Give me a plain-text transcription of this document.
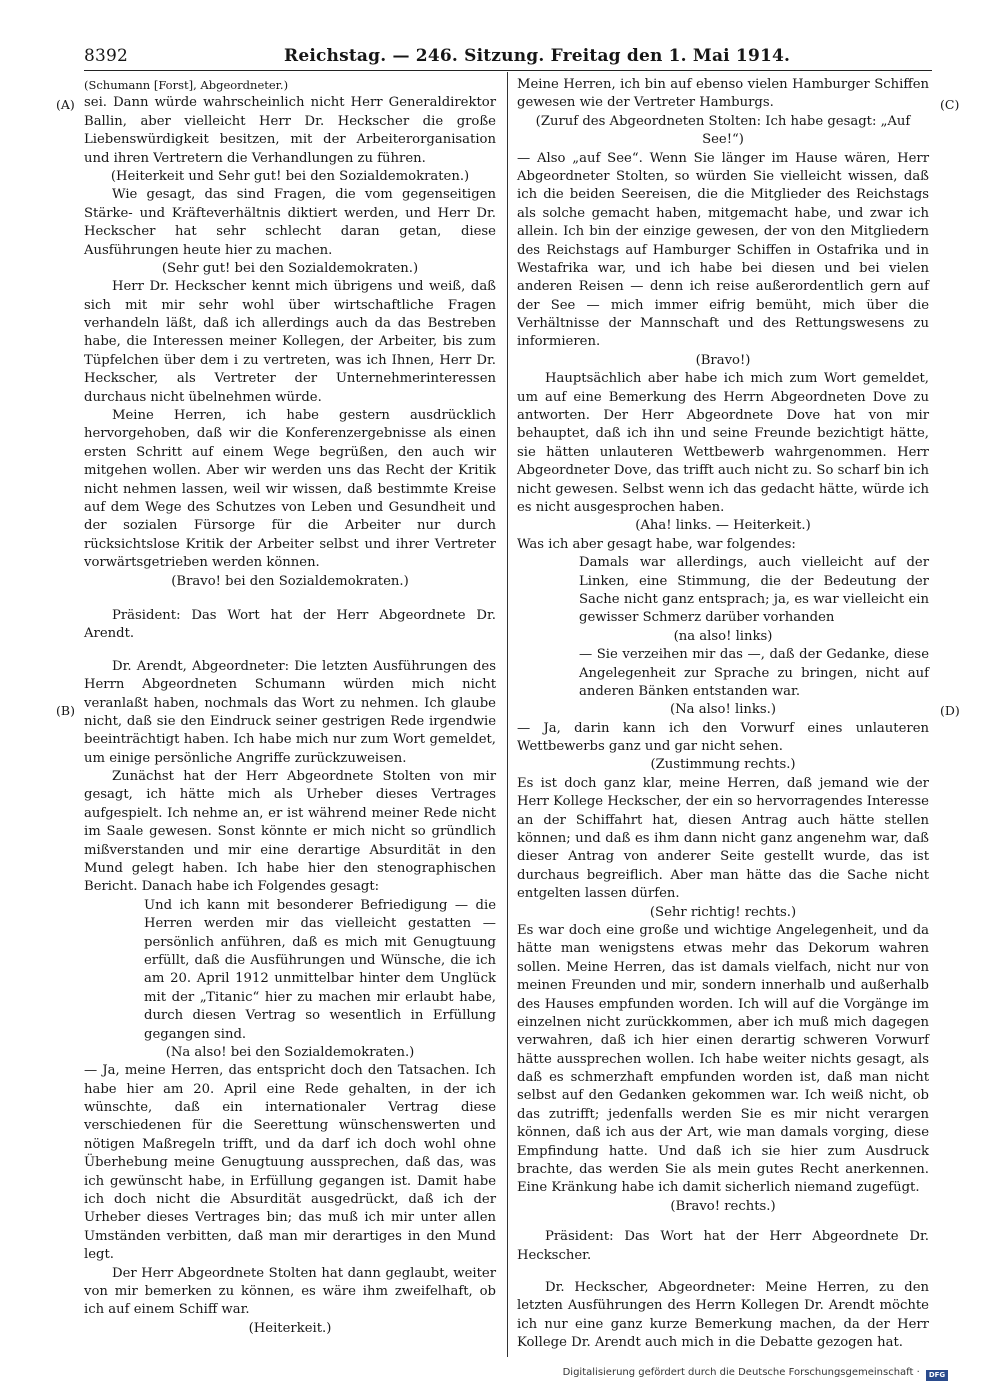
8392	Reichstag. — 246. Sitzung. Freitag den 1. Mai 1914.
(A)
(B)
(C)
(D)

(Schumann [Forst], Abgeordneter.)

sei. Dann würde wahrscheinlich nicht Herr Generaldirektor Ballin, aber vielleicht Herr Dr. Heckscher die große Liebenswürdigkeit besitzen, mit der Arbeiterorganisation und ihren Vertretern die Verhandlungen zu führen.

(Heiterkeit und Sehr gut! bei den Sozialdemokraten.)

Wie gesagt, das sind Fragen, die vom gegenseitigen Stärke- und Kräfteverhältnis diktiert werden, und Herr Dr. Heckscher hat sehr schlecht daran getan, diese Ausführungen heute hier zu machen.

(Sehr gut! bei den Sozialdemokraten.)

Herr Dr. Heckscher kennt mich übrigens und weiß, daß sich mit mir sehr wohl über wirtschaftliche Fragen verhandeln läßt, daß ich allerdings auch da das Bestreben habe, die Interessen meiner Kollegen, der Arbeiter, bis zum Tüpfelchen über dem i zu vertreten, was ich Ihnen, Herr Dr. Heckscher, als Vertreter der Unternehmerinteressen durchaus nicht übelnehmen würde.

Meine Herren, ich habe gestern ausdrücklich hervorgehoben, daß wir die Konferenzergebnisse als einen ersten Schritt auf einem Wege begrüßen, den auch wir mitgehen wollen. Aber wir werden uns das Recht der Kritik nicht nehmen lassen, weil wir wissen, daß bestimmte Kreise auf dem Wege des Schutzes von Leben und Gesundheit und der sozialen Fürsorge für die Arbeiter nur durch rücksichtslose Kritik der Arbeiter selbst und ihrer Vertreter vorwärtsgetrieben werden können.

(Bravo! bei den Sozialdemokraten.)

Präsident: Das Wort hat der Herr Abgeordnete Dr. Arendt.

Dr. Arendt, Abgeordneter: Die letzten Ausführungen des Herrn Abgeordneten Schumann würden mich nicht veranlaßt haben, nochmals das Wort zu nehmen. Ich glaube nicht, daß sie den Eindruck seiner gestrigen Rede irgendwie beeinträchtigt haben. Ich habe mich nur zum Wort gemeldet, um einige persönliche Angriffe zurückzuweisen.

Zunächst hat der Herr Abgeordnete Stolten von mir gesagt, ich hätte mich als Urheber dieses Vertrages aufgespielt. Ich nehme an, er ist während meiner Rede nicht im Saale gewesen. Sonst könnte er mich nicht so gründlich mißverstanden und mir eine derartige Absurdität in den Mund gelegt haben. Ich habe hier den stenographischen Bericht. Danach habe ich Folgendes gesagt:

Und ich kann mit besonderer Befriedigung — die Herren werden mir das vielleicht gestatten — persönlich anführen, daß es mich mit Genugtuung erfüllt, daß die Ausführungen und Wünsche, die ich am 20. April 1912 unmittelbar hinter dem Unglück mit der „Titanic“ hier zu machen mir erlaubt habe, durch diesen Vertrag so wesentlich in Erfüllung gegangen sind.

(Na also! bei den Sozialdemokraten.)

— Ja, meine Herren, das entspricht doch den Tatsachen. Ich habe hier am 20. April eine Rede gehalten, in der ich wünschte, daß ein internationaler Vertrag diese verschiedenen für die Seerettung wünschenswerten und nötigen Maßregeln trifft, und da darf ich doch wohl ohne Überhebung meine Genugtuung aussprechen, daß das, was ich gewünscht habe, in Erfüllung gegangen ist. Damit habe ich doch nicht die Absurdität ausgedrückt, daß ich der Urheber dieses Vertrages bin; das muß ich mir unter allen Umständen verbitten, daß man mir derartiges in den Mund legt.

Der Herr Abgeordnete Stolten hat dann geglaubt, weiter von mir bemerken zu können, es wäre ihm zweifelhaft, ob ich auf einem Schiff war.

(Heiterkeit.)

Meine Herren, ich bin auf ebenso vielen Hamburger Schiffen gewesen wie der Vertreter Hamburgs.

(Zuruf des Abgeordneten Stolten: Ich habe gesagt: „Auf See!“)

— Also „auf See“. Wenn Sie länger im Hause wären, Herr Abgeordneter Stolten, so würden Sie vielleicht wissen, daß ich die beiden Seereisen, die die Mitglieder des Reichstags als solche gemacht haben, mitgemacht habe, und zwar ich allein. Ich bin der einzige gewesen, der von den Mitgliedern des Reichstags auf Hamburger Schiffen in Ostafrika und in Westafrika war, und ich habe bei diesen und bei vielen anderen Reisen — denn ich reise außerordentlich gern auf der See — mich immer eifrig bemüht, mich über die Verhältnisse der Mannschaft und des Rettungswesens zu informieren.

(Bravo!)

Hauptsächlich aber habe ich mich zum Wort gemeldet, um auf eine Bemerkung des Herrn Abgeordneten Dove zu antworten. Der Herr Abgeordnete Dove hat von mir behauptet, daß ich ihn und seine Freunde bezichtigt hätte, sie hätten unlauteren Wettbewerb wahrgenommen. Herr Abgeordneter Dove, das trifft auch nicht zu. So scharf bin ich nicht gewesen. Selbst wenn ich das gedacht hätte, würde ich es nicht ausgesprochen haben.

(Aha! links. — Heiterkeit.)

Was ich aber gesagt habe, war folgendes:

Damals war allerdings, auch vielleicht auf der Linken, eine Stimmung, die der Bedeutung der Sache nicht ganz entsprach; ja, es war vielleicht ein gewisser Schmerz darüber vorhanden

(na also! links)

— Sie verzeihen mir das —, daß der Gedanke, diese Angelegenheit zur Sprache zu bringen, nicht auf anderen Bänken entstanden war.

(Na also! links.)

— Ja, darin kann ich den Vorwurf eines unlauteren Wettbewerbs ganz und gar nicht sehen.

(Zustimmung rechts.)

Es ist doch ganz klar, meine Herren, daß jemand wie der Herr Kollege Heckscher, der ein so hervorragendes Interesse an der Schiffahrt hat, diesen Antrag auch hätte stellen können; und daß es ihm dann nicht ganz angenehm war, daß dieser Antrag von anderer Seite gestellt wurde, das ist durchaus begreiflich. Aber man hätte das die Sache nicht entgelten lassen dürfen.

(Sehr richtig! rechts.)

Es war doch eine große und wichtige Angelegenheit, und da hätte man wenigstens etwas mehr das Dekorum wahren sollen. Meine Herren, das ist damals vielfach, nicht nur von meinen Freunden und mir, sondern innerhalb und außerhalb des Hauses empfunden worden. Ich will auf die Vorgänge im einzelnen nicht zurückkommen, aber ich muß mich dagegen verwahren, daß ich hier einen derartig schweren Vorwurf hätte aussprechen wollen. Ich habe weiter nichts gesagt, als daß es schmerzhaft empfunden worden ist, daß man nicht selbst auf den Gedanken gekommen war. Ich weiß nicht, ob das zutrifft; jedenfalls werden Sie es mir nicht verargen können, daß ich aus der Art, wie man damals vorging, diese Empfindung hatte. Und daß ich sie hier zum Ausdruck brachte, das werden Sie als mein gutes Recht anerkennen. Eine Kränkung habe ich damit sicherlich niemand zugefügt.

(Bravo! rechts.)

Präsident: Das Wort hat der Herr Abgeordnete Dr. Heckscher.

Dr. Heckscher, Abgeordneter: Meine Herren, zu den letzten Ausführungen des Herrn Kollegen Dr. Arendt möchte ich nur eine ganz kurze Bemerkung machen, da der Herr Kollege Dr. Arendt auch mich in die Debatte gezogen hat.

Digitalisierung gefördert durch die Deutsche Forschungsgemeinschaft · DFG
